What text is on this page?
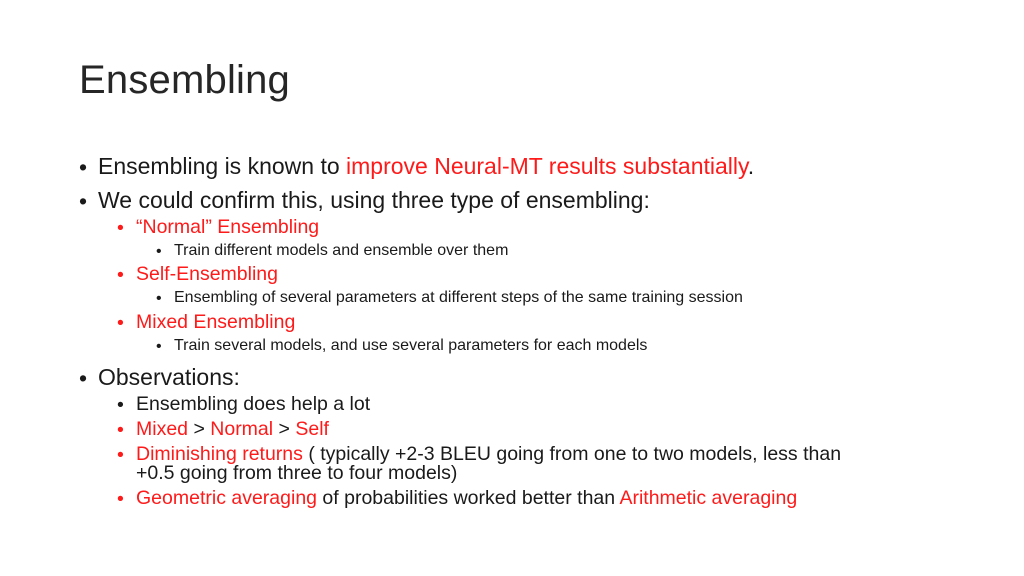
Ensembling
• Ensembling is known to improve Neural-MT results substantially.
• We could confirm this, using three type of ensembling:
• “Normal” Ensembling
• Train different models and ensemble over them
• Self-Ensembling
• Ensembling of several parameters at different steps of the same training session
• Mixed Ensembling
• Train several models, and use several parameters for each models
• Observations:
• Ensembling does help a lot
• Mixed > Normal > Self
• Diminishing returns ( typically +2-3 BLEU going from one to two models, less than
+0.5 going from three to four models)
• Geometric averaging of probabilities worked better than Arithmetic averaging
